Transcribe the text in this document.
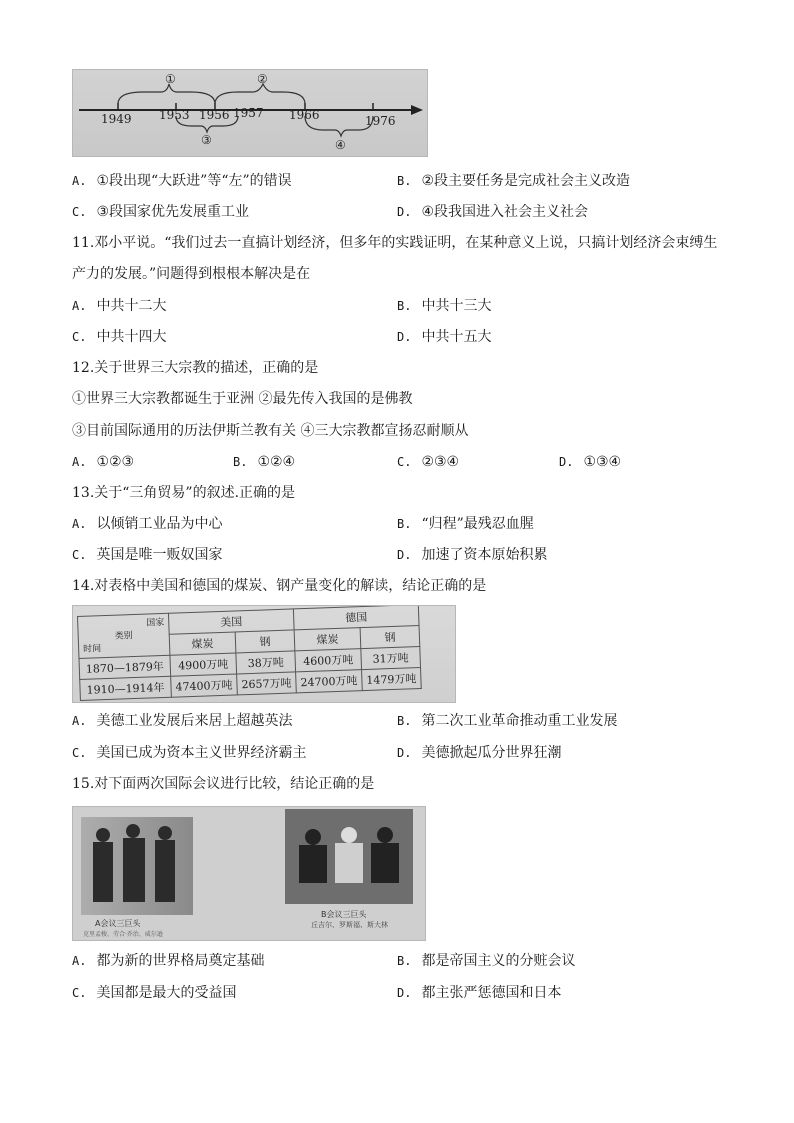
①	②
③	④
1949 1953 1956 1957 1966	1976
A. ①段出现“大跃进”等“左”的错误	B. ②段主要任务是完成社会主义改造
C. ③段国家优先发展重工业	D. ④段我国进入社会主义社会
11.邓小平说。“我们过去一直搞计划经济，但多年的实践证明，在某种意义上说，只搞计划经济会束缚生
产力的发展。”问题得到根根本解决是在
A. 中共十二大	B. 中共十三大
C. 中共十四大	D. 中共十五大
12.关于世界三大宗教的描述，正确的是
①世界三大宗教都诞生于亚洲 ②最先传入我国的是佛教
③目前国际通用的历法伊斯兰教有关 ④三大宗教都宣扬忍耐顺从
A. ①②③	B. ①②④	C. ②③④	D. ①③④
13.关于“三角贸易”的叙述.正确的是
A. 以倾销工业品为中心	B. “归程”最残忍血腥
C. 英国是唯一贩奴国家	D. 加速了资本原始积累
14.对表格中美国和德国的煤炭、钢产量变化的解读，结论正确的是
国家
类别
时间	美国		德国	
	煤炭	钢	煤炭	钢
1870—1879年	4900万吨	38万吨	4600万吨	31万吨
1910—1914年	47400万吨	2657万吨	24700万吨	1479万吨
A. 美德工业发展后来居上超越英法	B. 第二次工业革命推动重工业发展
C. 美国已成为资本主义世界经济霸主	D. 美德掀起瓜分世界狂潮
15.对下面两次国际会议进行比较，结论正确的是
A会议三巨头
克里孟梭、劳合·乔治、威尔逊
B会议三巨头
丘吉尔、罗斯福、斯大林
A. 都为新的世界格局奠定基础	B. 都是帝国主义的分赃会议
C. 美国都是最大的受益国	D. 都主张严惩德国和日本
